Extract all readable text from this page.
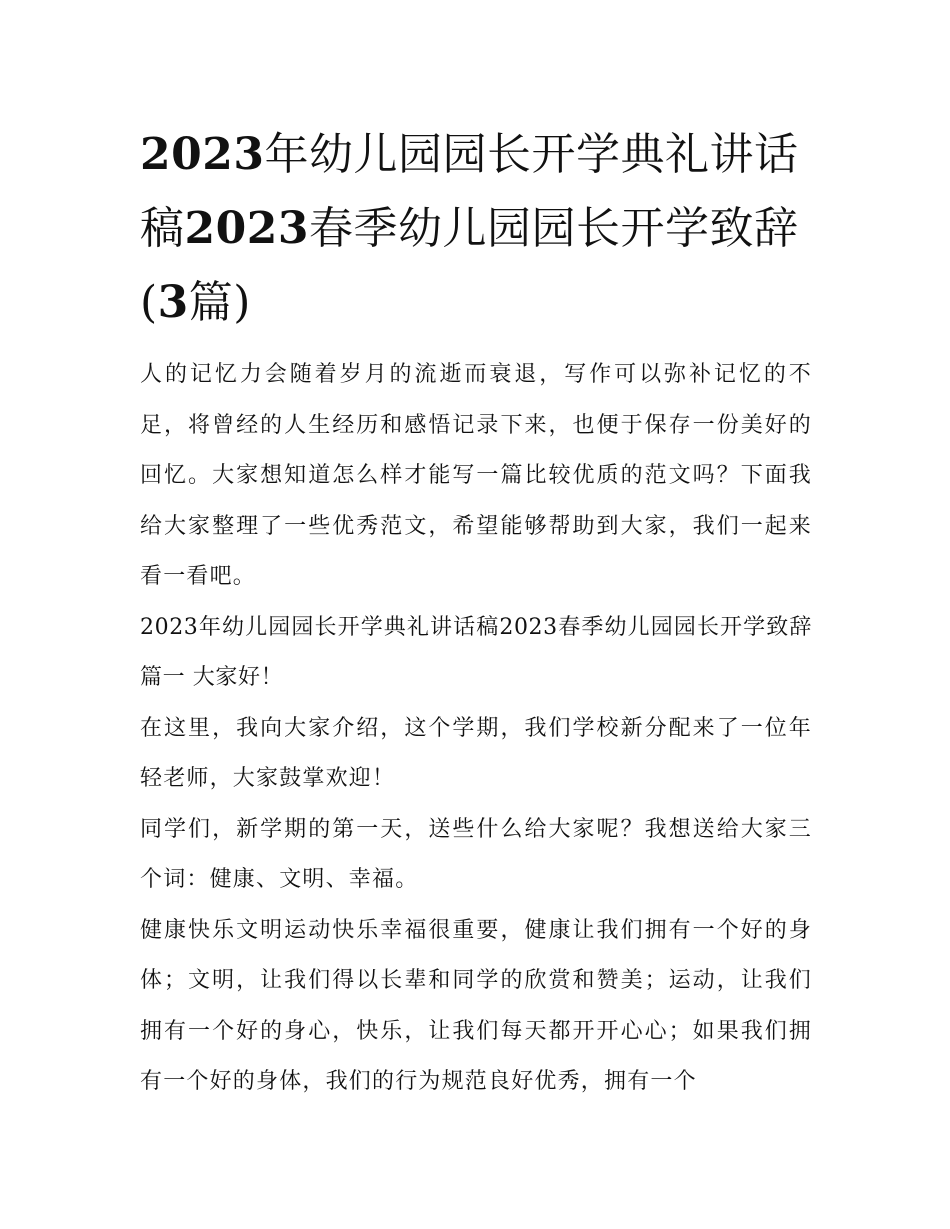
2023年幼儿园园长开学典礼讲话稿2023春季幼儿园园长开学致辞(3篇)

人的记忆力会随着岁月的流逝而衰退，写作可以弥补记忆的不足，将曾经的人生经历和感悟记录下来，也便于保存一份美好的回忆。大家想知道怎么样才能写一篇比较优质的范文吗？下面我给大家整理了一些优秀范文，希望能够帮助到大家，我们一起来看一看吧。

2023年幼儿园园长开学典礼讲话稿2023春季幼儿园园长开学致辞篇一 大家好！

在这里，我向大家介绍，这个学期，我们学校新分配来了一位年轻老师，大家鼓掌欢迎！

同学们，新学期的第一天，送些什么给大家呢？我想送给大家三个词：健康、文明、幸福。

健康快乐文明运动快乐幸福很重要，健康让我们拥有一个好的身体；文明，让我们得以长辈和同学的欣赏和赞美；运动，让我们拥有一个好的身心，快乐，让我们每天都开开心心；如果我们拥有一个好的身体，我们的行为规范良好优秀，拥有一个
